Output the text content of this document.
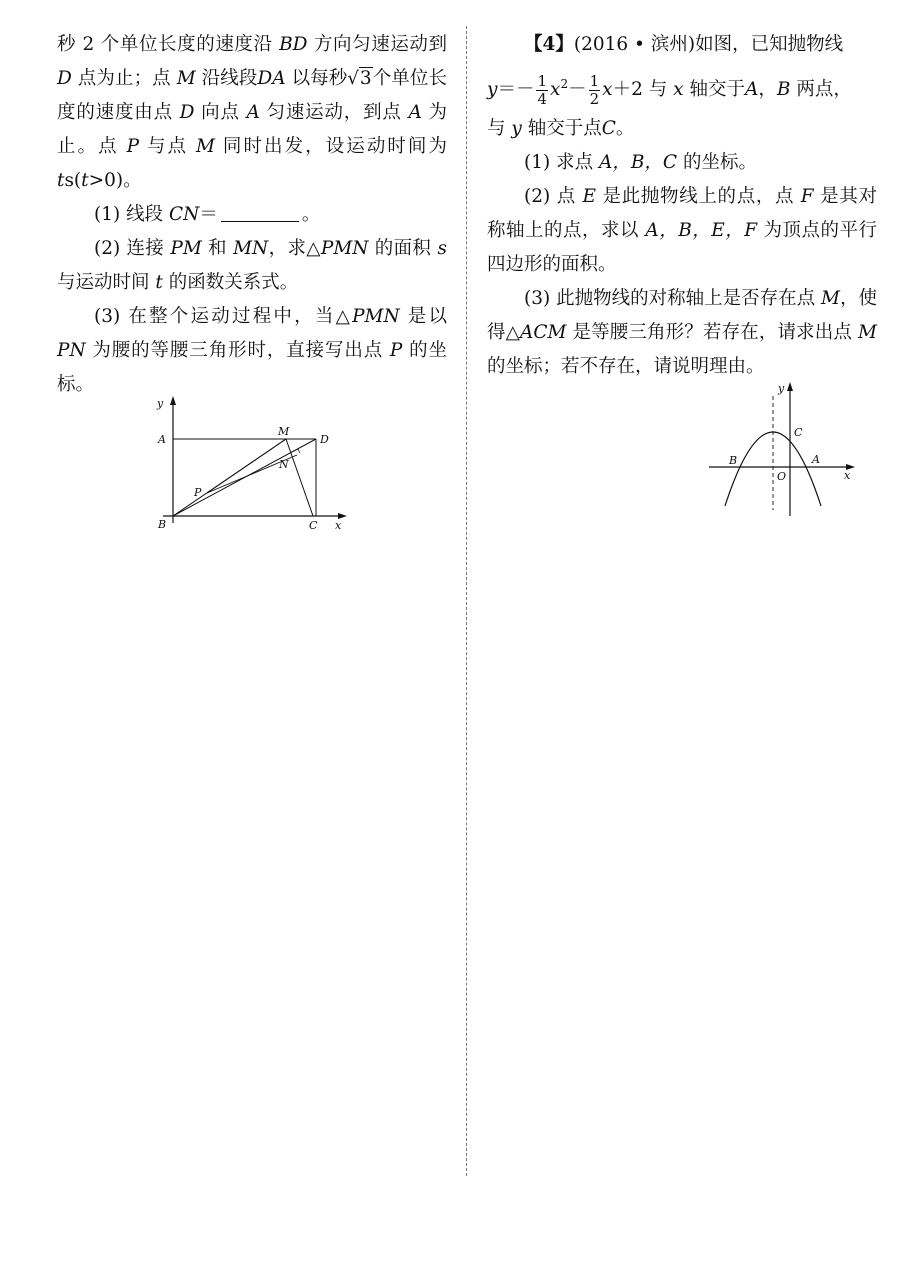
秒 2 个单位长度的速度沿 BD 方向匀速运动到D 点为止；点 M 沿线段DA 以每秒√3个单位长度的速度由点 D 向点 A 匀速运动，到点 A 为止。点 P 与点 M 同时出发，设运动时间为 ts(t>0)。

(1) 线段 CN＝	。

(2) 连接 PM 和 MN，求△PMN 的面积 s 与运动时间 t 的函数关系式。

(3) 在整个运动过程中，当△PMN 是以 PN 为腰的等腰三角形时，直接写出点 P 的坐标。

y
A
B	C x
D
M
N
P

【4】(2016 • 滨州)如图，已知抛物线

$y=- \frac{1}{4} x^2- \frac{1}{2} x+2$ 与 x 轴交于A，B 两点，

与 y 轴交于点C。

(1) 求点 A，B，C 的坐标。

(2) 点 E 是此抛物线上的点，点 F 是其对称轴上的点，求以 A，B，E，F 为顶点的平行四边形的面积。

(3) 此抛物线的对称轴上是否存在点 M，使得△ACM 是等腰三角形？若存在，请求出点 M 的坐标；若不存在，请说明理由。

y
C
B	A
O	x
